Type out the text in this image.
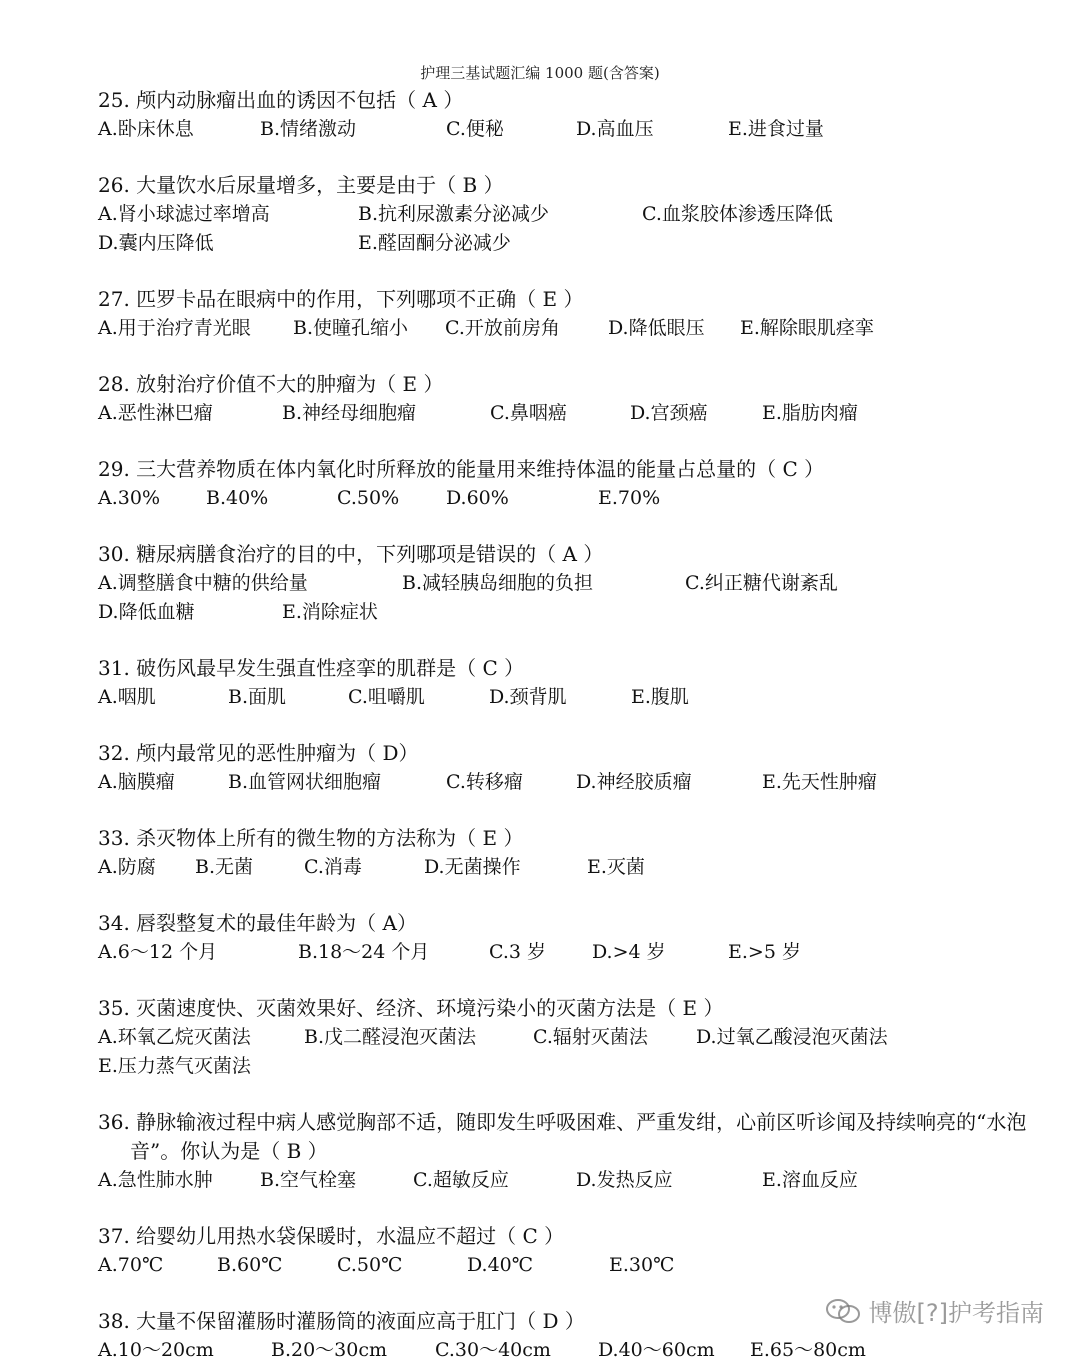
护理三基试题汇编 1000 题(含答案)
25. 颅内动脉瘤出血的诱因不包括（ A ）
A.卧床休息	B.情绪激动	C.便秘	D.高血压	E.进食过量
26. 大量饮水后尿量增多，主要是由于（ B ）
A.肾小球滤过率增高	B.抗利尿激素分泌减少	C.血浆胶体渗透压降低
D.囊内压降低	E.醛固酮分泌减少
27. 匹罗卡品在眼病中的作用，下列哪项不正确（ E ）
A.用于治疗青光眼 B.使瞳孔缩小 C.开放前房角	D.降低眼压 E.解除眼肌痉挛
28. 放射治疗价值不大的肿瘤为（ E ）
A.恶性淋巴瘤	B.神经母细胞瘤	C.鼻咽癌	D.宫颈癌	E.脂肪肉瘤
29. 三大营养物质在体内氧化时所释放的能量用来维持体温的能量占总量的（ C ）
A.30% B.40%	C.50% D.60%	E.70%
30. 糖尿病膳食治疗的目的中，下列哪项是错误的（ A ）
A.调整膳食中糖的供给量	B.减轻胰岛细胞的负担	C.纠正糖代谢紊乱
D.降低血糖	E.消除症状
31. 破伤风最早发生强直性痉挛的肌群是（ C ）
A.咽肌	B.面肌	C.咀嚼肌	D.颈背肌	E.腹肌
32. 颅内最常见的恶性肿瘤为（ D）
A.脑膜瘤	B.血管网状细胞瘤	C.转移瘤	D.神经胶质瘤	E.先天性肿瘤
33. 杀灭物体上所有的微生物的方法称为（ E ）
A.防腐 B.无菌	C.消毒	D.无菌操作	E.灭菌
34. 唇裂整复术的最佳年龄为（ A）
A.6～12 个月	B.18～24 个月	C.3 岁 D.>4 岁	E.>5 岁
35. 灭菌速度快、灭菌效果好、经济、环境污染小的灭菌方法是（ E ）
A.环氧乙烷灭菌法	B.戊二醛浸泡灭菌法	C.辐射灭菌法	D.过氧乙酸浸泡灭菌法
E.压力蒸气灭菌法
36. 静脉输液过程中病人感觉胸部不适，随即发生呼吸困难、严重发绀，心前区听诊闻及持续响亮的“水泡音”。你认为是（ B ）
A.急性肺水肿 B.空气栓塞	C.超敏反应	D.发热反应	E.溶血反应
37. 给婴幼儿用热水袋保暖时，水温应不超过（ C ）
A.70℃	B.60℃	C.50℃	D.40℃	E.30℃
38. 大量不保留灌肠时灌肠筒的液面应高于肛门（ D ）
A.10～20cm	B.20～30cm	C.30～40cm D.40～60cm E.65～80cm
博傲[?]护考指南
